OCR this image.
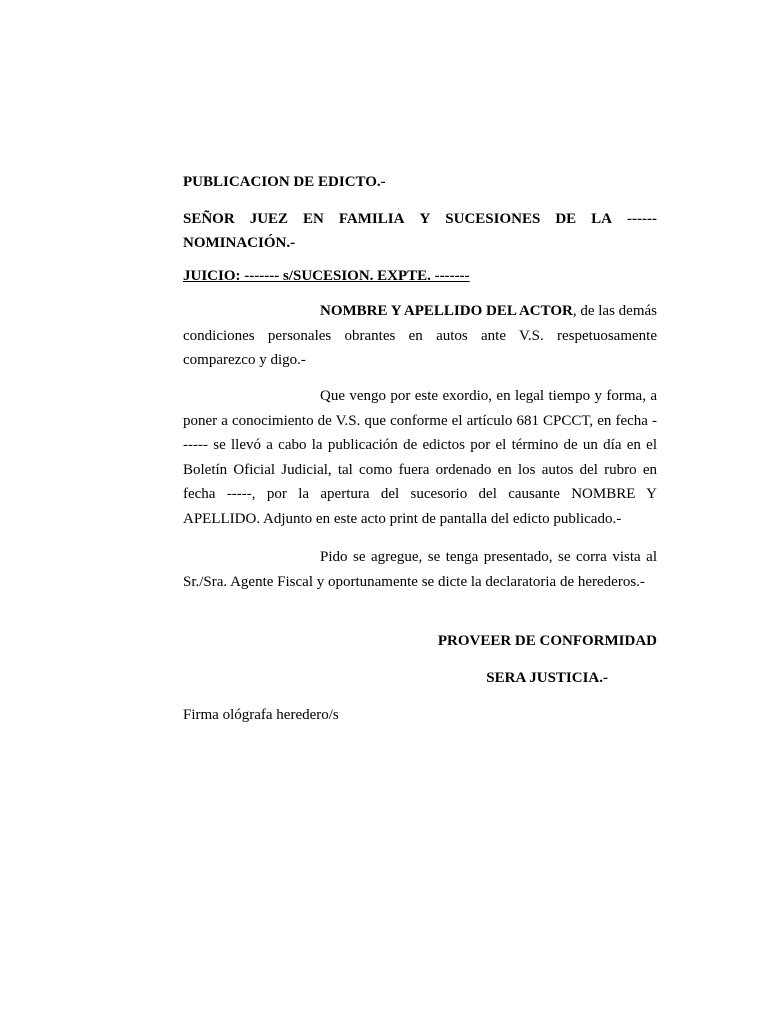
PUBLICACION DE EDICTO.-
SEÑOR JUEZ EN FAMILIA Y SUCESIONES DE LA ------
NOMINACIÓN.-
JUICIO: ------- s/SUCESION. EXPTE. -------
NOMBRE Y APELLIDO DEL ACTOR, de las demás condiciones personales obrantes en autos ante V.S. respetuosamente comparezco y digo.-
Que vengo por este exordio, en legal tiempo y forma, a poner a conocimiento de V.S. que conforme el artículo 681 CPCCT, en fecha ------ se llevó a cabo la publicación de edictos por el término de un día en el Boletín Oficial Judicial, tal como fuera ordenado en los autos del rubro en fecha -----, por la apertura del sucesorio del causante NOMBRE Y APELLIDO. Adjunto en este acto print de pantalla del edicto publicado.-
Pido se agregue, se tenga presentado, se corra vista al Sr./Sra. Agente Fiscal y oportunamente se dicte la declaratoria de herederos.-
PROVEER DE CONFORMIDAD
SERA JUSTICIA.-
Firma ológrafa heredero/s
